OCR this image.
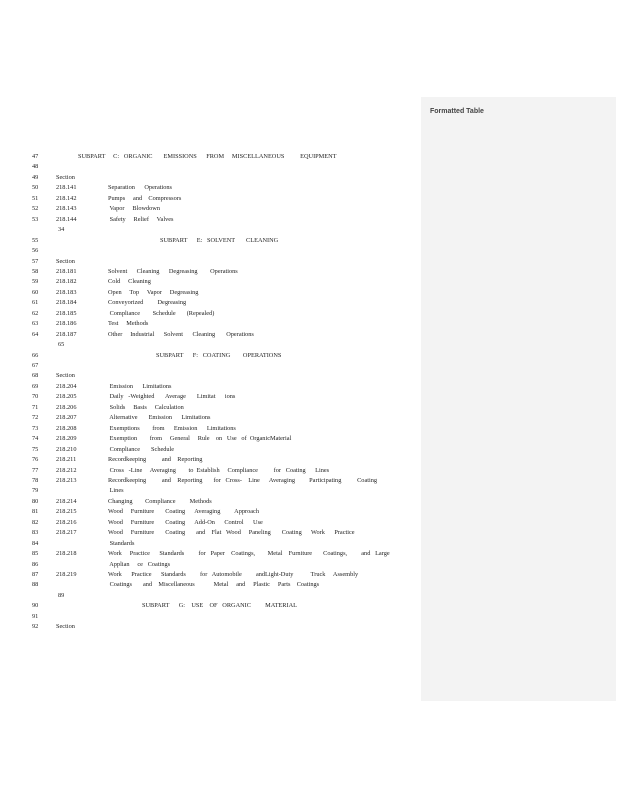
Formatted Table
47	SUBPART     C:   ORGANIC       EMISSIONS      FROM     MISCELLANEOUS          EQUIPMENT
48
49	Section
50	218.141	Separation      Operations
51	218.142	Pumps     and    Compressors
52	218.143	Vapor     Blowdown
53	218.144	Safety     Relief     Valves
34
55	SUBPART      E:   SOLVENT       CLEANING
56
57	Section
58	218.181	Solvent      Cleaning      Degreasing        Operations
59	218.182	Cold     Cleaning
60	218.183	Open     Top     Vapor     Degreasing
61	218.184	Conveyorized         Degreasing
62	218.185	Compliance        Schedule       (Repealed)
63	218.186	Test     Methods
64	218.187	Other     Industrial      Solvent      Cleaning       Operations
65
66	SUBPART      F:   COATING        OPERATIONS
67
68	Section
69	218.204	Emission      Limitations
70	218.205	Daily   -Weighted       Average       Limitat      ions
71	218.206	Solids     Basis     Calculation
72	218.207	Alternative       Emission      Limitations
73	218.208	Exemptions        from      Emission      Limitations
74	218.209	Exemption        from     General     Rule    on   Use   of  OrganicMaterial
75	218.210	Compliance       Schedule
76	218.211	Recordkeeping          and    Reporting
77	218.212	Cross   -Line     Averaging        to  Establish     Compliance          for   Coating      Lines
78	218.213	Recordkeeping          and    Reporting       for   Cross-    Line      Averaging         Participating          Coating
79	Lines
80	218.214	Changing        Compliance         Methods
81	218.215	Wood     Furniture       Coating      Averaging         Approach
82	218.216	Wood     Furniture       Coating      Add-On      Control      Use
83	218.217	Wood     Furniture       Coating       and    Flat   Wood     Paneling       Coating      Work      Practice
84	Standards
85	218.218	Work     Practice      Standards         for   Paper    Coatings,        Metal    Furniture       Coatings,         and   Large
86	Applian     ce   Coatings
87	218.219	Work      Practice      Standards         for   Automobile         andLight-Duty           Truck     Assembly
88	Coatings       and    Miscellaneous            Metal     and     Plastic     Parts    Coatings
89
90	SUBPART      G:    USE    OF   ORGANIC         MATERIAL
91
92	Section
